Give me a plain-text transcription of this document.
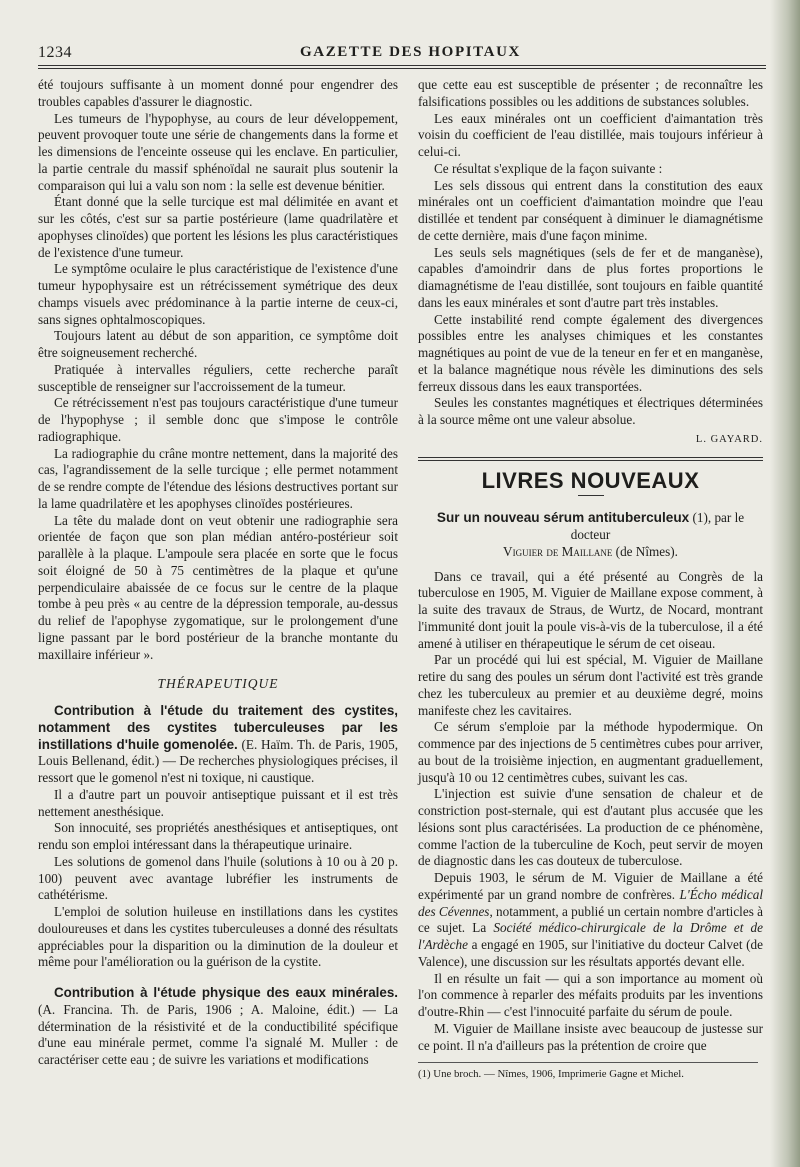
1234	GAZETTE DES HOPITAUX

été toujours suffisante à un moment donné pour engendrer des troubles capables d'assurer le diagnostic.

Les tumeurs de l'hypophyse, au cours de leur développement, peuvent provoquer toute une série de changements dans la forme et les dimensions de l'enceinte osseuse qui les enclave. En particulier, la partie centrale du massif sphénoïdal ne saurait plus soutenir la comparaison qui lui a valu son nom : la selle est devenue bénitier.

Étant donné que la selle turcique est mal délimitée en avant et sur les côtés, c'est sur sa partie postérieure (lame quadrilatère et apophyses clinoïdes) que portent les lésions les plus caractéristiques de l'existence d'une tumeur.

Le symptôme oculaire le plus caractéristique de l'existence d'une tumeur hypophysaire est un rétrécissement symétrique des deux champs visuels avec prédominance à la partie interne de ceux-ci, sans signes ophtalmoscopiques.

Toujours latent au début de son apparition, ce symptôme doit être soigneusement recherché.

Pratiquée à intervalles réguliers, cette recherche paraît susceptible de renseigner sur l'accroissement de la tumeur.

Ce rétrécissement n'est pas toujours caractéristique d'une tumeur de l'hypophyse ; il semble donc que s'impose le contrôle radiographique.

La radiographie du crâne montre nettement, dans la majorité des cas, l'agrandissement de la selle turcique ; elle permet notamment de se rendre compte de l'étendue des lésions destructives portant sur la lame quadrilatère et les apophyses clinoïdes postérieures.

La tête du malade dont on veut obtenir une radiographie sera orientée de façon que son plan médian antéro-postérieur soit parallèle à la plaque. L'ampoule sera placée en sorte que le focus soit éloigné de 50 à 75 centimètres de la plaque et qu'une perpendiculaire abaissée de ce focus sur le centre de la plaque tombe à peu près « au centre de la dépression temporale, au-dessus du relief de l'apophyse zygomatique, sur le prolongement d'une ligne passant par le bord postérieur de la branche montante du maxillaire inférieur ».

THÉRAPEUTIQUE

Contribution à l'étude du traitement des cystites, notamment des cystites tuberculeuses par les instillations d'huile gomenolée. (E. Haïm. Th. de Paris, 1905, Louis Bellenand, édit.) — De recherches physiologiques précises, il ressort que le gomenol n'est ni toxique, ni caustique.

Il a d'autre part un pouvoir antiseptique puissant et il est très nettement anesthésique.

Son innocuité, ses propriétés anesthésiques et antiseptiques, ont rendu son emploi intéressant dans la thérapeutique urinaire.

Les solutions de gomenol dans l'huile (solutions à 10 ou à 20 p. 100) peuvent avec avantage lubréfier les instruments de cathétérisme.

L'emploi de solution huileuse en instillations dans les cystites douloureuses et dans les cystites tuberculeuses a donné des résultats appréciables pour la disparition ou la diminution de la douleur et même pour l'amélioration ou la guérison de la cystite.

Contribution à l'étude physique des eaux minérales. (A. Francina. Th. de Paris, 1906 ; A. Maloine, édit.) — La détermination de la résistivité et de la conductibilité spécifique d'une eau minérale permet, comme l'a signalé M. Muller : de caractériser cette eau ; de suivre les variations et modifications

que cette eau est susceptible de présenter ; de reconnaître les falsifications possibles ou les additions de substances solubles.

Les eaux minérales ont un coefficient d'aimantation très voisin du coefficient de l'eau distillée, mais toujours inférieur à celui-ci.

Ce résultat s'explique de la façon suivante :

Les sels dissous qui entrent dans la constitution des eaux minérales ont un coefficient d'aimantation moindre que l'eau distillée et tendent par conséquent à diminuer le diamagnétisme de cette dernière, mais d'une façon minime.

Les seuls sels magnétiques (sels de fer et de manganèse), capables d'amoindrir dans de plus fortes proportions le diamagnétisme de l'eau distillée, sont toujours en faible quantité dans les eaux minérales et sont d'autre part très instables.

Cette instabilité rend compte également des divergences possibles entre les analyses chimiques et les constantes magnétiques au point de vue de la teneur en fer et en manganèse, et la balance magnétique nous révèle les diminutions des sels ferreux dissous dans les eaux transportées.

Seules les constantes magnétiques et électriques déterminées à la source même ont une valeur absolue.

L. GAYARD.
LIVRES NOUVEAUX

Sur un nouveau sérum antituberculeux (1), par le docteur
Viguier de Maillane (de Nîmes).

Dans ce travail, qui a été présenté au Congrès de la tuberculose en 1905, M. Viguier de Maillane expose comment, à la suite des travaux de Straus, de Wurtz, de Nocard, montrant l'immunité dont jouit la poule vis-à-vis de la tuberculose, il a été amené à utiliser en thérapeutique le sérum de cet oiseau.

Par un procédé qui lui est spécial, M. Viguier de Maillane retire du sang des poules un sérum dont l'activité est très grande chez les tuberculeux au premier et au deuxième degré, moins manifeste chez les cavitaires.

Ce sérum s'emploie par la méthode hypodermique. On commence par des injections de 5 centimètres cubes pour arriver, au bout de la troisième injection, en augmentant graduellement, jusqu'à 10 ou 12 centimètres cubes, suivant les cas.

L'injection est suivie d'une sensation de chaleur et de constriction post-sternale, qui est d'autant plus accusée que les lésions sont plus caractérisées. La production de ce phénomène, comme l'action de la tuberculine de Koch, peut servir de moyen de diagnostic dans les cas douteux de tuberculose.

Depuis 1903, le sérum de M. Viguier de Maillane a été expérimenté par un grand nombre de confrères. L'Écho médical des Cévennes, notamment, a publié un certain nombre d'articles à ce sujet. La Société médico-chirurgicale de la Drôme et de l'Ardèche a engagé en 1905, sur l'initiative du docteur Calvet (de Valence), une discussion sur les résultats apportés devant elle.

Il en résulte un fait — qui a son importance au moment où l'on commence à reparler des méfaits produits par les inventions d'outre-Rhin — c'est l'innocuité parfaite du sérum de poule.

M. Viguier de Maillane insiste avec beaucoup de justesse sur ce point. Il n'a d'ailleurs pas la prétention de croire que

(1) Une broch. — Nîmes, 1906, Imprimerie Gagne et Michel.
